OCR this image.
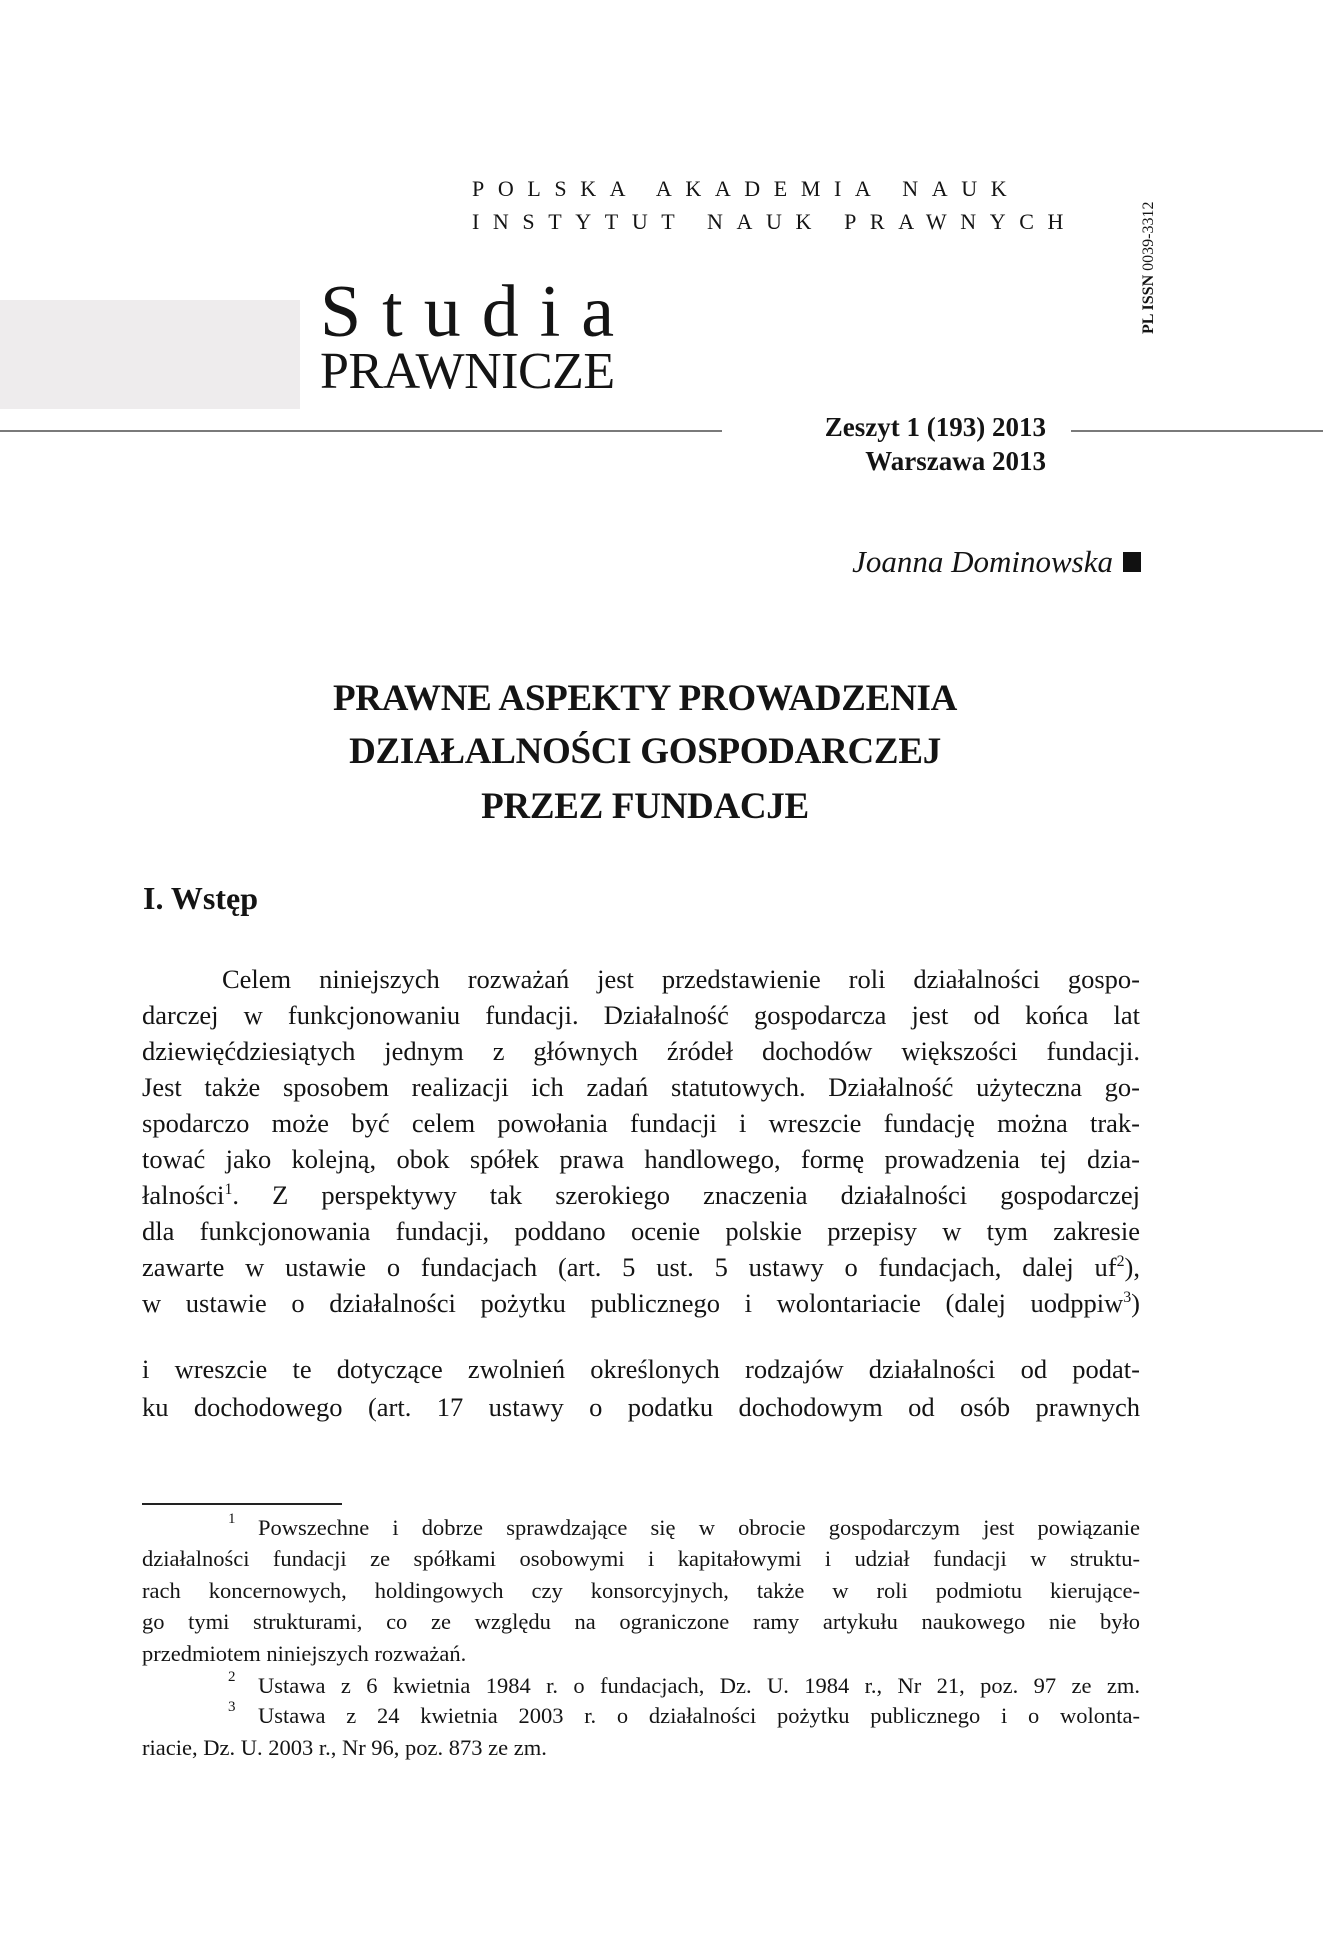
POLSKA AKADEMIA NAUK
INSTYTUT NAUK PRAWNYCH
Studia
PRAWNICZE
PL ISSN 0039-3312
Zeszyt 1 (193) 2013
Warszawa 2013
Joanna Dominowska
PRAWNE ASPEKTY PROWADZENIA
DZIAŁALNOŚCI GOSPODARCZEJ
PRZEZ FUNDACJE
I. Wstęp
Celem niniejszych rozważań jest przedstawienie roli działalności gospo-
darczej w funkcjonowaniu fundacji. Działalność gospodarcza jest od końca lat
dziewięćdziesiątych jednym z głównych źródeł dochodów większości fundacji.
Jest także sposobem realizacji ich zadań statutowych. Działalność użyteczna go-
spodarczo może być celem powołania fundacji i wreszcie fundację można trak-
tować jako kolejną, obok spółek prawa handlowego, formę prowadzenia tej dzia-
łalności$^1$. Z perspektywy tak szerokiego znaczenia działalności gospodarczej
dla funkcjonowania fundacji, poddano ocenie polskie przepisy w tym zakresie
zawarte w ustawie o fundacjach (art. 5 ust. 5 ustawy o fundacjach, dalej $uf^2$),
w ustawie o działalności pożytku publicznego i wolontariacie (dalej uodppiw$^3$)
i wreszcie te dotyczące zwolnień określonych rodzajów działalności od podat-
ku dochodowego (art. 17 ustawy o podatku dochodowym od osób prawnych
1 Powszechne i dobrze sprawdzające się w obrocie gospodarczym jest powiązanie
działalności fundacji ze spółkami osobowymi i kapitałowymi i udział fundacji w struktu-
rach koncernowych, holdingowych czy konsorcyjnych, także w roli podmiotu kierujące-
go tymi strukturami, co ze względu na ograniczone ramy artykułu naukowego nie było
przedmiotem niniejszych rozważań.
2 Ustawa z 6 kwietnia 1984 r. o fundacjach, Dz. U. 1984 r., Nr 21, poz. 97 ze zm.
3 Ustawa z 24 kwietnia 2003 r. o działalności pożytku publicznego i o wolonta-
riacie, Dz. U. 2003 r., Nr 96, poz. 873 ze zm.
